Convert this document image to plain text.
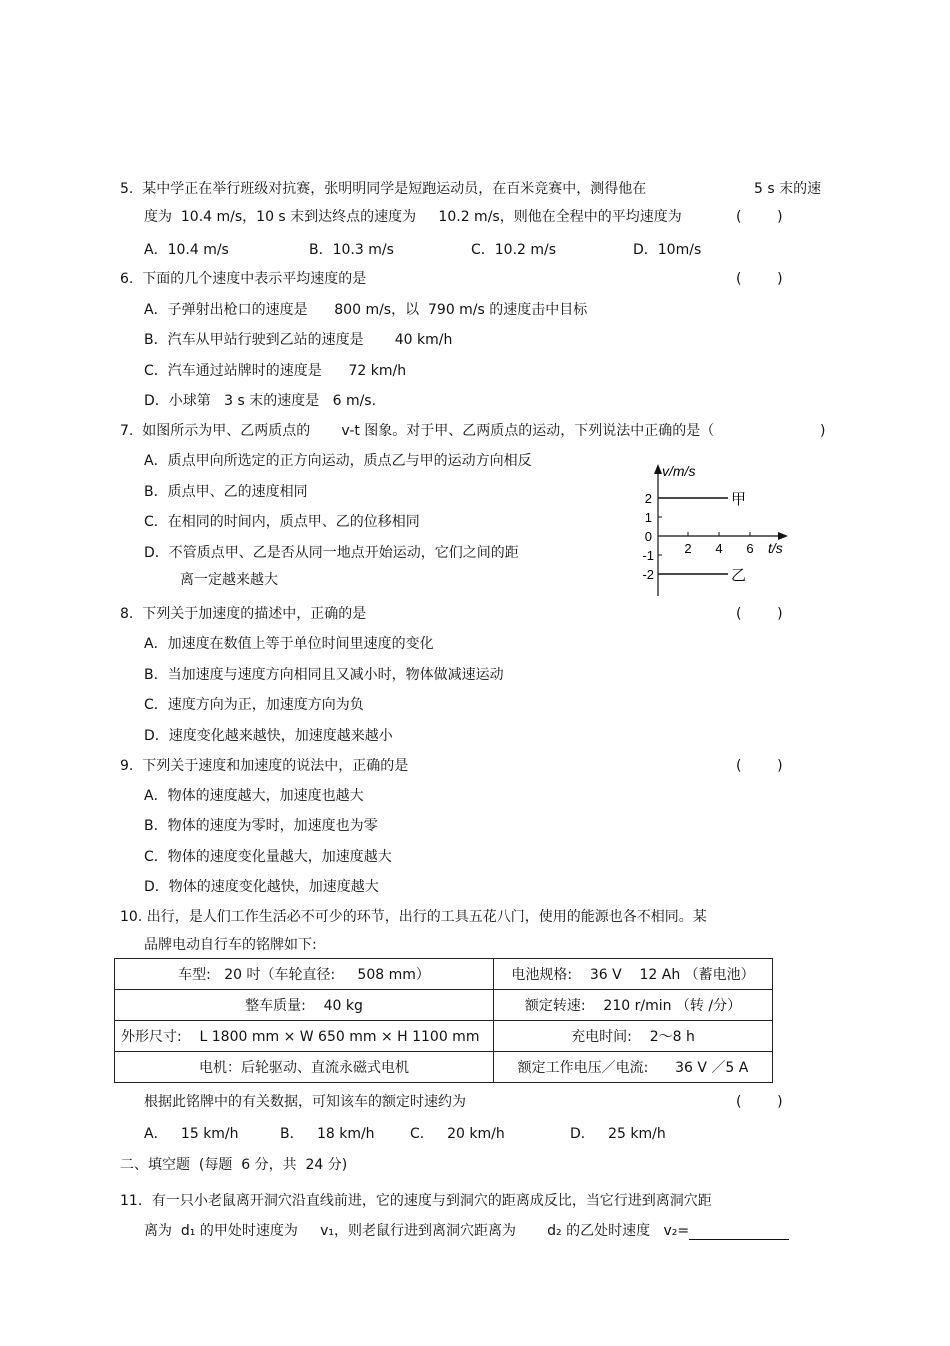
5.  某中学正在举行班级对抗赛，张明明同学是短跑运动员，在百米竞赛中，测得他在	5 s 末的速
度为  10.4 m/s，10 s 末到达终点的速度为     10.2 m/s，则他在全程中的平均速度为	(        )
A．10.4 m/s	B．10.3 m/s	C．10.2 m/s	D．10m/s
6.  下面的几个速度中表示平均速度的是	(        )
A．子弹射出枪口的速度是      800 m/s，以  790 m/s 的速度击中目标
B．汽车从甲站行驶到乙站的速度是       40 km/h
C．汽车通过站牌时的速度是      72 km/h
D．小球第   3 s 末的速度是   6 m/s.
7.  如图所示为甲、乙两质点的       v-t 图象。对于甲、乙两质点的运动，下列说法中正确的是（	)
A．质点甲向所选定的正方向运动，质点乙与甲的运动方向相反
B．质点甲、乙的速度相同
C．在相同的时间内，质点甲、乙的位移相同
D．不管质点甲、乙是否从同一地点开始运动，它们之间的距
离一定越来越大
v/m/s
t/s
2
1
0
-1
-2
2 4 6
甲
乙
8.  下列关于加速度的描述中，正确的是	(        )
A．加速度在数值上等于单位时间里速度的变化
B．当加速度与速度方向相同且又减小时，物体做减速运动
C．速度方向为正，加速度方向为负
D．速度变化越来越快，加速度越来越小
9.  下列关于速度和加速度的说法中，正确的是	(        )
A．物体的速度越大，加速度也越大
B．物体的速度为零时，加速度也为零
C．物体的速度变化量越大，加速度越大
D．物体的速度变化越快，加速度越大
10. 出行，是人们工作生活必不可少的环节，出行的工具五花八门，使用的能源也各不相同。某
品牌电动自行车的铭牌如下:
车型:   20 吋（车轮直径:     508 mm）	电池规格:    36 V    12 Ah （蓄电池）
整车质量:    40 kg	额定转速:    210 r/min （转 /分）
外形尺寸:    L 1800 mm × W 650 mm × H 1100 mm	充电时间:    2～8 h
电机：后轮驱动、直流永磁式电机	额定工作电压／电流:      36 V ／5 A
根据此铭牌中的有关数据，可知该车的额定时速约为	(        )
A．   15 km/h	B．   18 km/h	C．   20 km/h	D．   25 km/h
二、填空题  (每题  6 分，共  24 分)
11．有一只小老鼠离开洞穴沿直线前进，它的速度与到洞穴的距离成反比，当它行进到离洞穴距
离为  d₁ 的甲处时速度为     v₁，则老鼠行进到离洞穴距离为       d₂ 的乙处时速度   v₂=
